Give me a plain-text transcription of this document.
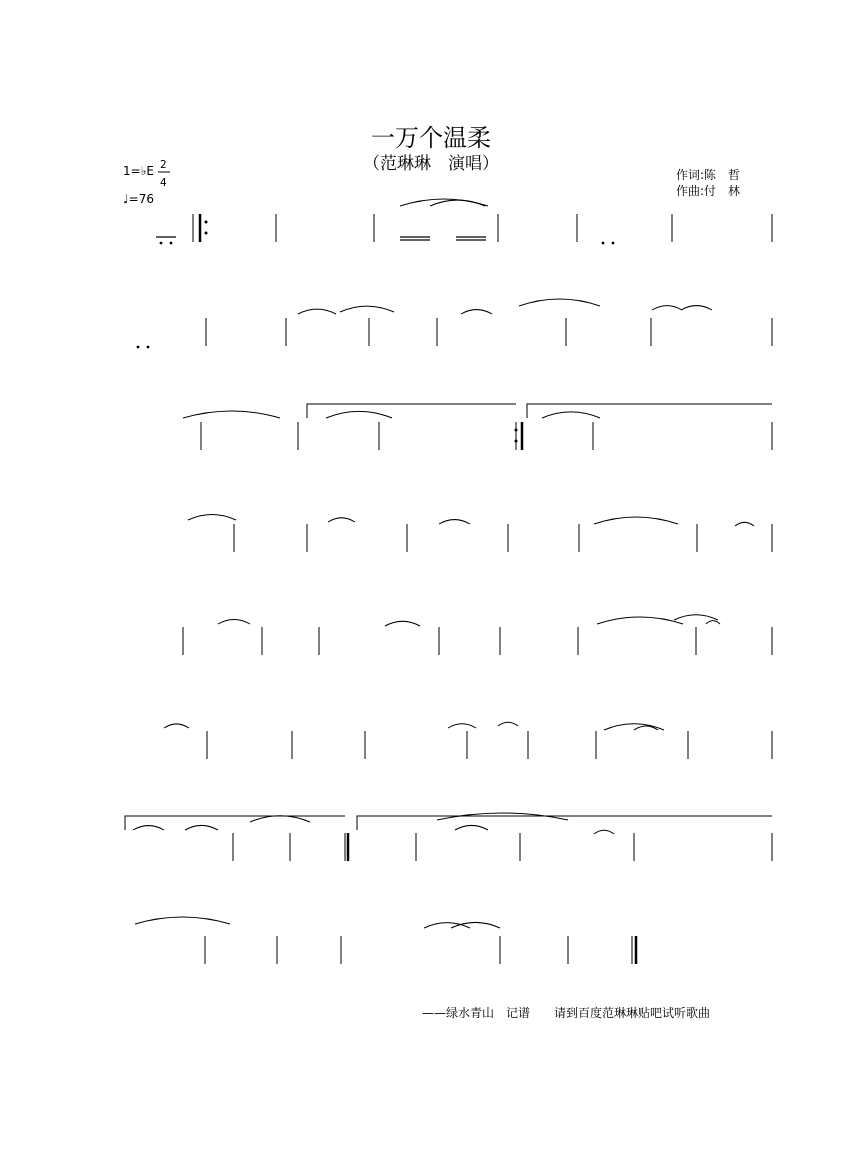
一万个温柔
（范琳琳　演唱）
作词:陈　哲
作曲:付　林
1=♭E
♩=76
——绿水青山　记谱　　请到百度范琳琳贴吧试听歌曲
2
4
